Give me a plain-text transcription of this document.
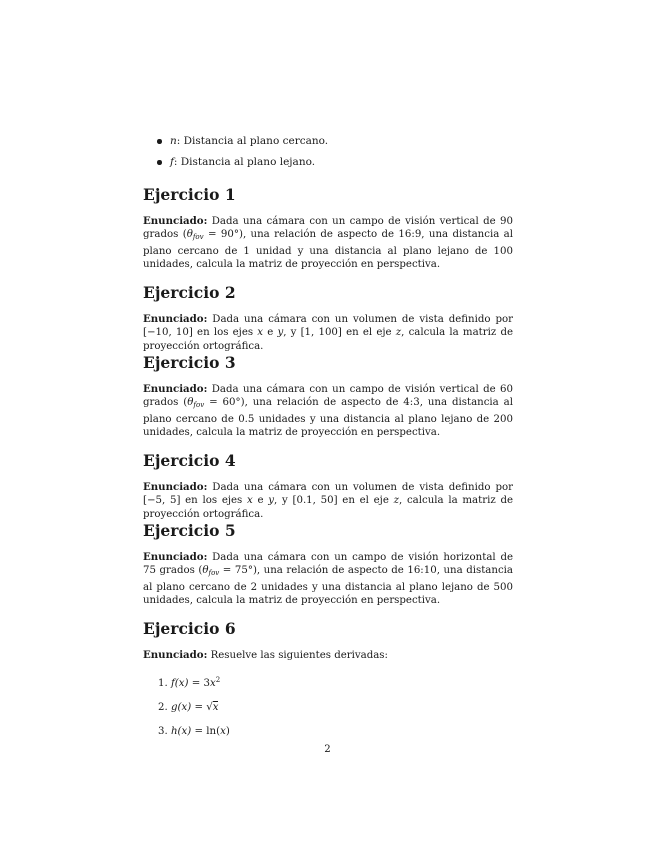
n: Distancia al plano cercano.
f: Distancia al plano lejano.
Ejercicio 1

Enunciado: Dada una cámara con un campo de visión vertical de 90 grados $(\theta_{fov} = 90^\circ)$, una relación de aspecto de 16:9, una distancia al plano cercano de 1 unidad y una distancia al plano lejano de 100 unidades, calcula la matriz de proyección en perspectiva.

Ejercicio 2

Enunciado: Dada una cámara con un volumen de vista definido por [−10, 10] en los ejes x e y, y [1, 100] en el eje z, calcula la matriz de proyección ortográfica.

Ejercicio 3

Enunciado: Dada una cámara con un campo de visión vertical de 60 grados $(\theta_{fov} = 60^\circ)$, una relación de aspecto de 4:3, una distancia al plano cercano de 0.5 unidades y una distancia al plano lejano de 200 unidades, calcula la matriz de proyección en perspectiva.

Ejercicio 4

Enunciado: Dada una cámara con un volumen de vista definido por [−5, 5] en los ejes x e y, y [0.1, 50] en el eje z, calcula la matriz de proyección ortográfica.

Ejercicio 5

Enunciado: Dada una cámara con un campo de visión horizontal de 75 grados $(\theta_{fov} = 75^\circ)$, una relación de aspecto de 16:10, una distancia al plano cercano de 2 unidades y una distancia al plano lejano de 500 unidades, calcula la matriz de proyección en perspectiva.

Ejercicio 6

Enunciado: Resuelve las siguientes derivadas:

1. $f(x) = 3x^2$
2. g(x) = √x
3. h(x) = ln(x)
2
